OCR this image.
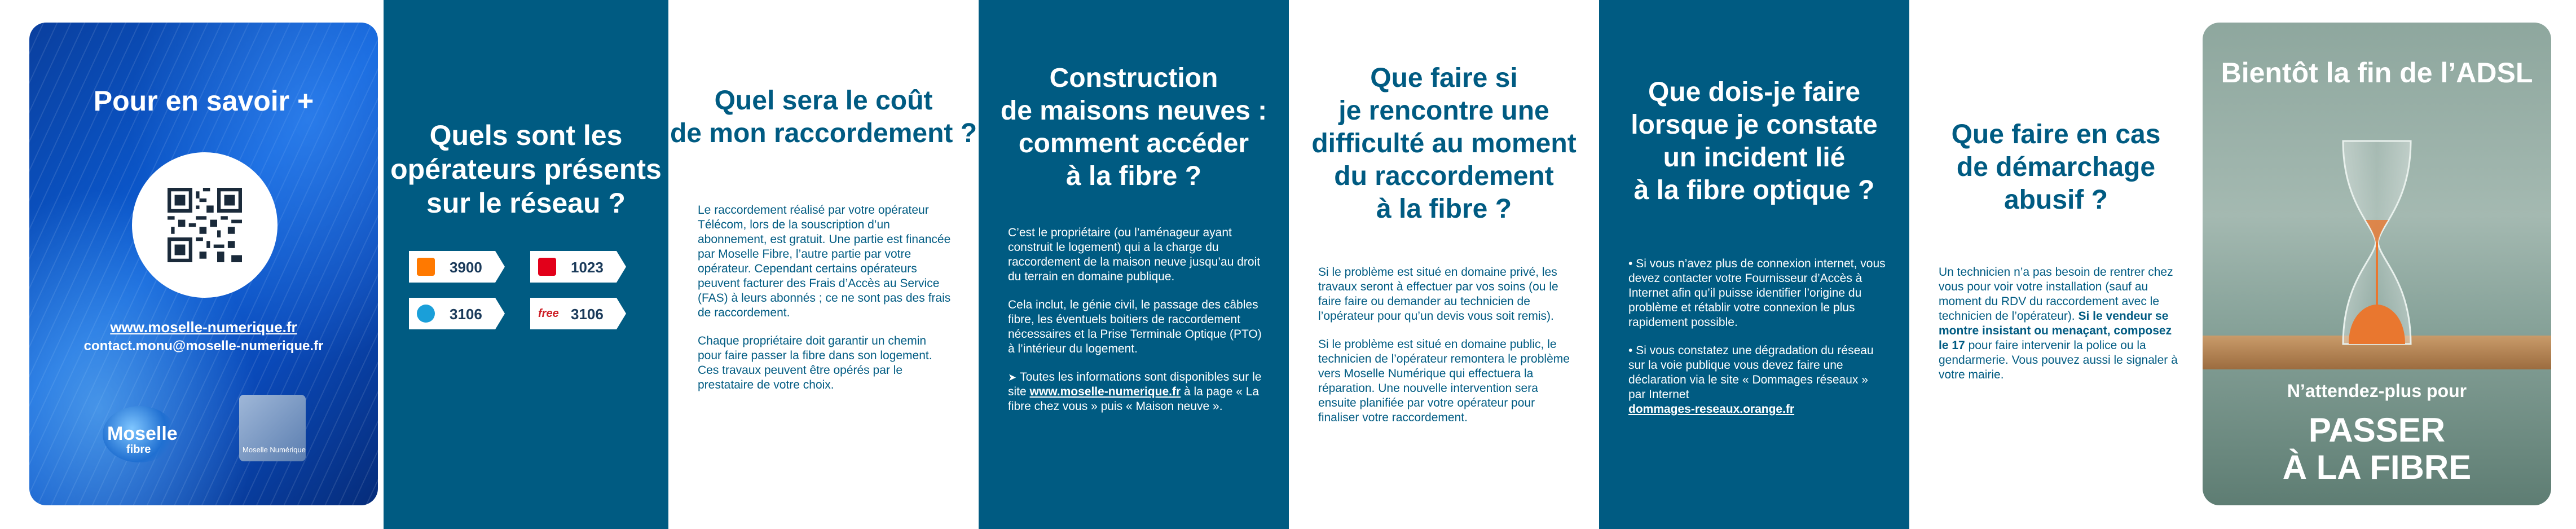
Pour en savoir +
www.moselle-numerique.fr
contact.monu@moselle-numerique.fr
Moselle
fibre	Moselle Numérique
Quels sont les
opérateurs présents
sur le réseau ?
3900	1023
3106	free 3106
Quel sera le coût
de mon raccordement ?

Le raccordement réalisé par votre opérateur Télécom, lors de la souscription d’un abonnement, est gratuit. Une partie est financée par Moselle Fibre, l’autre partie par votre opérateur. Cependant certains opérateurs peuvent facturer des Frais d’Accès au Service (FAS) à leurs abonnés ; ce ne sont pas des frais de raccordement.

Chaque propriétaire doit garantir un chemin pour faire passer la fibre dans son logement. Ces travaux peuvent être opérés par le prestataire de votre choix.

Construction
de maisons neuves :
comment accéder
à la fibre ?

C’est le propriétaire (ou l’aménageur ayant construit le logement) qui a la charge du raccordement de la maison neuve jusqu’au droit du terrain en domaine publique.

Cela inclut, le génie civil, le passage des câbles fibre, les éventuels boitiers de raccordement nécessaires et la Prise Terminale Optique (PTO) à l’intérieur du logement.

➤ Toutes les informations sont disponibles sur le site www.moselle-numerique.fr à la page « La fibre chez vous » puis « Maison neuve ».

Que faire si
je rencontre une
difficulté au moment
du raccordement
à la fibre ?

Si le problème est situé en domaine privé, les travaux seront à effectuer par vos soins (ou le faire faire ou demander au technicien de l’opérateur pour qu’un devis vous soit remis).

Si le problème est situé en domaine public, le technicien de l’opérateur remontera le problème vers Moselle Numérique qui effectuera la réparation. Une nouvelle intervention sera ensuite planifiée par votre opérateur pour finaliser votre raccordement.

Que dois-je faire
lorsque je constate
un incident lié
à la fibre optique ?

• Si vous n’avez plus de connexion internet, vous devez contacter votre Fournisseur d’Accès à Internet afin qu’il puisse identifier l’origine du problème et rétablir votre connexion le plus rapidement possible.

• Si vous constatez une dégradation du réseau sur la voie publique vous devez faire une déclaration via le site « Dommages réseaux » par Internet
dommages-reseaux.orange.fr

Que faire en cas
de démarchage
abusif ?

Un technicien n’a pas besoin de rentrer chez vous pour voir votre installation (sauf au moment du RDV du raccordement avec le technicien de l’opérateur). Si le vendeur se montre insistant ou menaçant, composez le 17 pour faire intervenir la police ou la gendarmerie. Vous pouvez aussi le signaler à votre mairie.

Bientôt la fin de l’ADSL
N’attendez-plus pour
PASSER
À LA FIBRE
